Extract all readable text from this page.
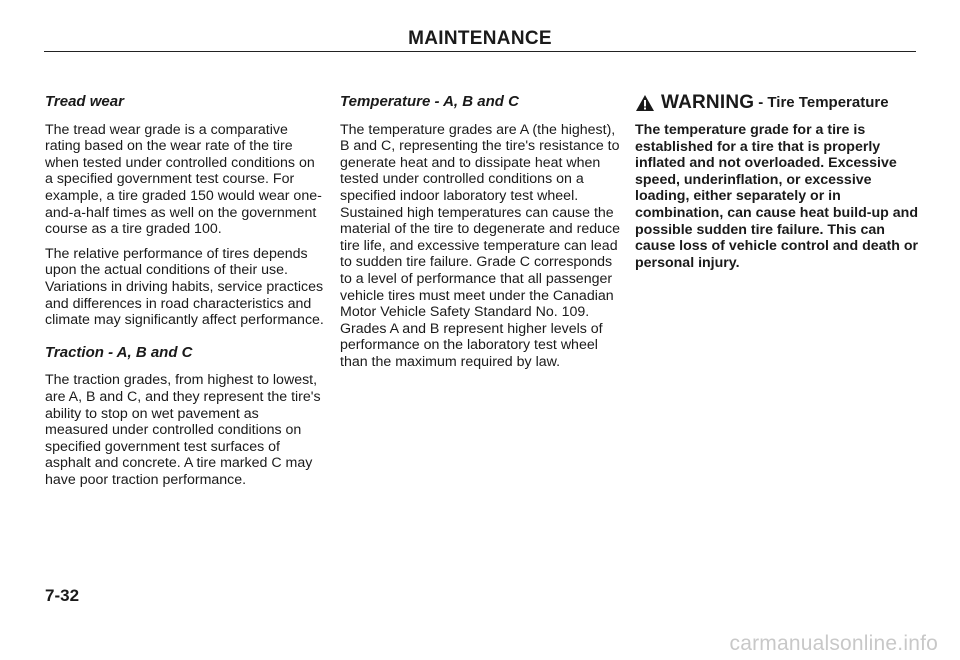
MAINTENANCE
Tread wear

The tread wear grade is a comparative rating based on the wear rate of the tire when tested under controlled conditions on a specified government test course. For example, a tire graded 150 would wear one-and-a-half times as well on the government course as a tire graded 100.

The relative performance of tires depends upon the actual conditions of their use. Variations in driving habits, service practices and differences in road characteristics and climate may significantly affect performance.

Traction - A, B and C

The traction grades, from highest to lowest, are A, B and C, and they represent the tire's ability to stop on wet pavement as measured under controlled conditions on specified government test surfaces of asphalt and concrete. A tire marked C may have poor traction performance.

Temperature - A, B and C

The temperature grades are A (the highest), B and C, representing the tire's resistance to generate heat and to dissipate heat when tested under controlled conditions on a specified indoor laboratory test wheel. Sustained high temperatures can cause the material of the tire to degenerate and reduce tire life, and excessive temperature can lead to sudden tire failure. Grade C corresponds to a level of performance that all passenger vehicle tires must meet under the Canadian Motor Vehicle Safety Standard No. 109. Grades A and B represent higher levels of performance on the laboratory test wheel than the maximum required by law.

WARNING - Tire Temperature

The temperature grade for a tire is established for a tire that is properly inflated and not overloaded. Excessive speed, underinflation, or excessive loading, either separately or in combination, can cause heat build-up and possible sudden tire failure. This can cause loss of vehicle control and death or personal injury.

7-32
carmanualsonline.info
